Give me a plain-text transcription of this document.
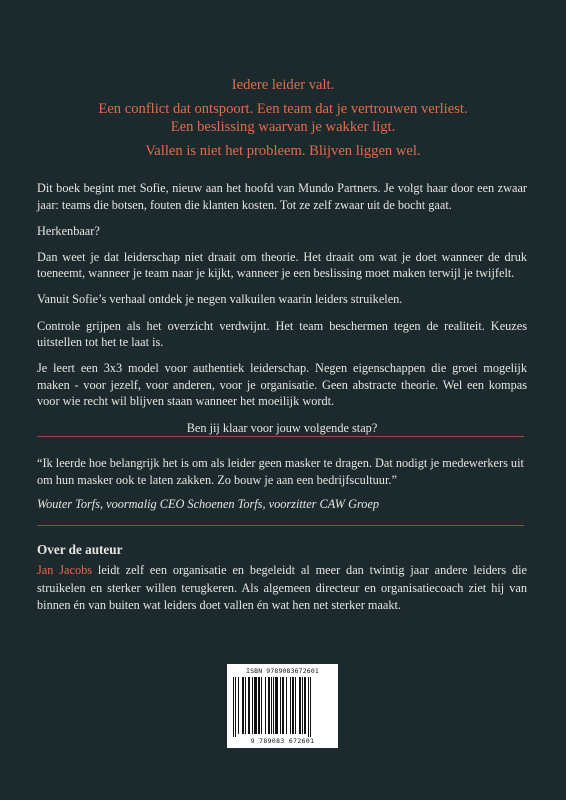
Iedere leider valt.
Een conflict dat ontspoort. Een team dat je vertrouwen verliest.
Een beslissing waarvan je wakker ligt.
Vallen is niet het probleem. Blijven liggen wel.

Dit boek begint met Sofie, nieuw aan het hoofd van Mundo Partners. Je volgt haar door een zwaar jaar: teams die botsen, fouten die klanten kosten. Tot ze zelf zwaar uit de bocht gaat.

Herkenbaar?

Dan weet je dat leiderschap niet draait om theorie. Het draait om wat je doet wanneer de druk toeneemt, wanneer je team naar je kijkt, wanneer je een beslissing moet maken terwijl je twijfelt.

Vanuit Sofie’s verhaal ontdek je negen valkuilen waarin leiders struikelen.

Controle grijpen als het overzicht verdwijnt. Het team beschermen tegen de realiteit. Keuzes uitstellen tot het te laat is.

Je leert een 3x3 model voor authentiek leiderschap. Negen eigenschappen die groei mogelijk maken - voor jezelf, voor anderen, voor je organisatie. Geen abstracte theorie. Wel een kompas voor wie recht wil blijven staan wanneer het moeilijk wordt.

Ben jij klaar voor jouw volgende stap?

“Ik leerde hoe belangrijk het is om als leider geen masker te dragen. Dat nodigt je medewerkers uit om hun masker ook te laten zakken. Zo bouw je aan een bedrijfscultuur.”

Wouter Torfs, voormalig CEO Schoenen Torfs, voorzitter CAW Groep

Over de auteur
Jan Jacobs leidt zelf een organisatie en begeleidt al meer dan twintig jaar andere leiders die struikelen en sterker willen terugkeren. Als algemeen directeur en organisatiecoach ziet hij van binnen én van buiten wat leiders doet vallen én wat hen net sterker maakt.
ISBN 9789083672601
9 789083 672601
